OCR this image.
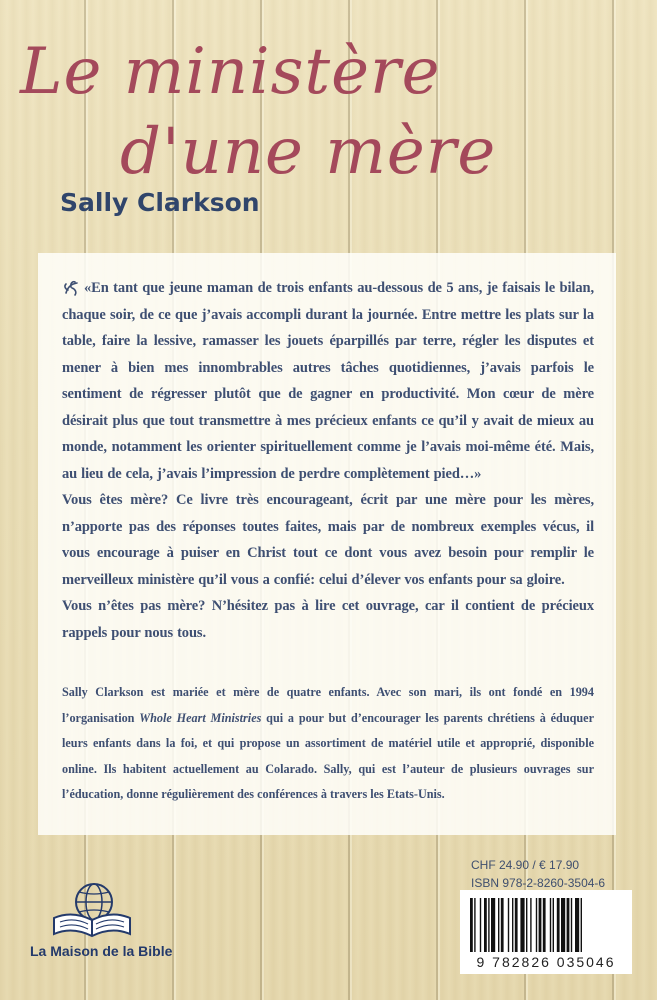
Le ministère

d'une mère

Sally Clarkson

«En tant que jeune maman de trois enfants au-dessous de 5 ans, je faisais le bilan, chaque soir, de ce que j’avais accompli durant la journée. Entre mettre les plats sur la table, faire la lessive, ramasser les jouets éparpillés par terre, régler les disputes et mener à bien mes innombrables autres tâches quotidiennes, j’avais parfois le sentiment de régresser plutôt que de gagner en productivité. Mon cœur de mère désirait plus que tout transmettre à mes précieux enfants ce qu’il y avait de mieux au monde, notamment les orienter spirituellement comme je l’avais moi-même été. Mais, au lieu de cela, j’avais l’impression de perdre complètement pied…»

Vous êtes mère? Ce livre très encourageant, écrit par une mère pour les mères, n’apporte pas des réponses toutes faites, mais par de nombreux exemples vécus, il vous encourage à puiser en Christ tout ce dont vous avez besoin pour remplir le merveilleux ministère qu’il vous a confié: celui d’élever vos enfants pour sa gloire.

Vous n’êtes pas mère? N’hésitez pas à lire cet ouvrage, car il contient de précieux rappels pour nous tous.

Sally Clarkson est mariée et mère de quatre enfants. Avec son mari, ils ont fondé en 1994 l’organisation Whole Heart Ministries qui a pour but d’encourager les parents chrétiens à éduquer leurs enfants dans la foi, et qui propose un assortiment de matériel utile et approprié, disponible online. Ils habitent actuellement au Colarado. Sally, qui est l’auteur de plusieurs ouvrages sur l’éducation, donne régulièrement des conférences à travers les Etats-Unis.

CHF 24.90 / € 17.90
ISBN 978-2-8260-3504-6
9 782826 035046
La Maison de la Bible
